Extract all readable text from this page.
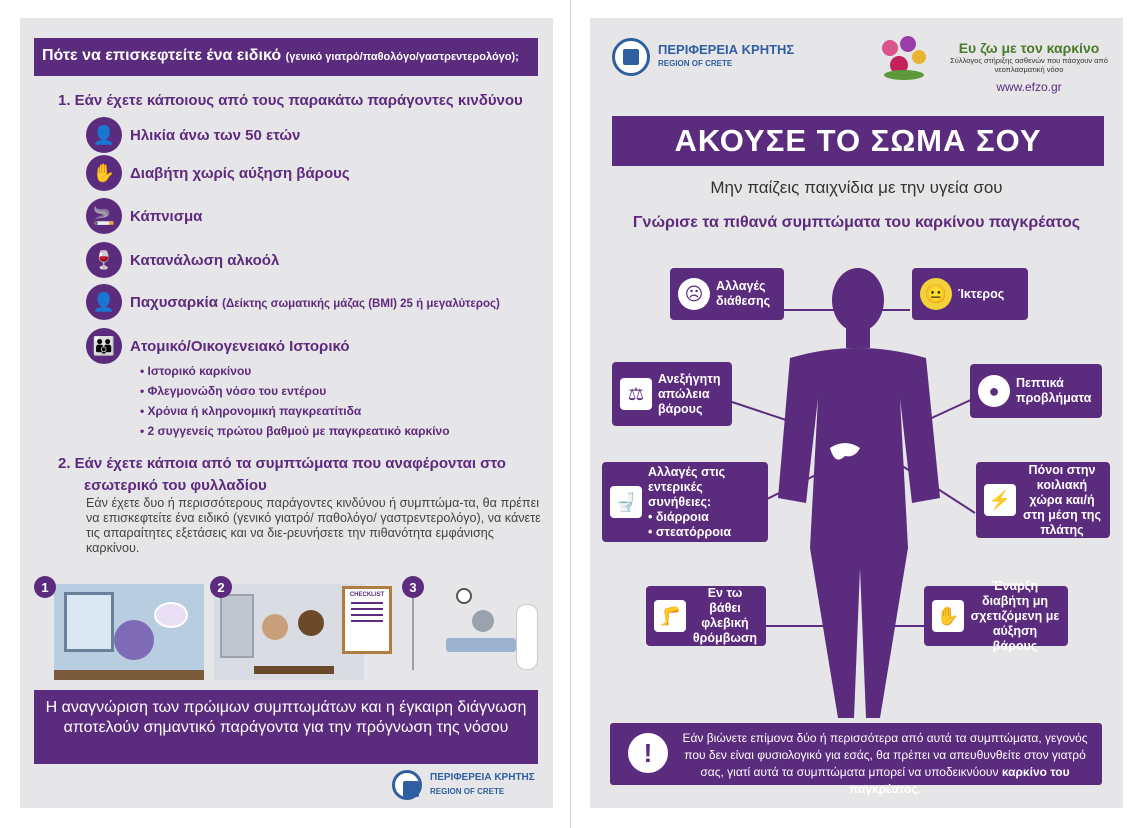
Πότε να επισκεφτείτε ένα ειδικό (γενικό γιατρό/παθολόγο/γαστρεντερολόγο);
1. Εάν έχετε κάποιους από τους παρακάτω παράγοντες κινδύνου
👤 Ηλικία άνω των 50 ετών
✋ Διαβήτη χωρίς αύξηση βάρους
🚬 Κάπνισμα
🍷 Κατανάλωση αλκοόλ
👤 Παχυσαρκία (Δείκτης σωματικής μάζας (BMI) 25 ή μεγαλύτερος)
👪 Ατομικό/Οικογενειακό Ιστορικό
• Ιστορικό καρκίνου
• Φλεγμονώδη νόσο του εντέρου
• Χρόνια ή κληρονομική παγκρεατίτιδα
• 2 συγγενείς πρώτου βαθμού με παγκρεατικό καρκίνο
2. Εάν έχετε κάποια από τα συμπτώματα που αναφέρονται στο
εσωτερικό του φυλλαδίου
Εάν έχετε δυο ή περισσότερους παράγοντες κινδύνου ή συμπτώμα-τα, θα πρέπει να επισκεφτείτε ένα ειδικό (γενικό γιατρό/ παθολόγο/ γαστρεντερολόγο), να κάνετε τις απαραίτητες εξετάσεις και να διε-ρευνήσετε την πιθανότητα εμφάνισης καρκίνου.
CHECKLIST
1	2	3
Η αναγνώριση των πρώιμων συμπτωμάτων και η έγκαιρη διάγνωση αποτελούν σημαντικό παράγοντα για την πρόγνωση της νόσου
ΠΕΡΙΦΕΡΕΙΑ ΚΡΗΤΗΣ
REGION OF CRETE
ΠΕΡΙΦΕΡΕΙΑ ΚΡΗΤΗΣ
REGION OF CRETE
Ευ ζω με τον καρκίνο
Σύλλογος στήριξης ασθενών που πάσχουν από νεοπλασματική νόσο
www.efzo.gr
ΑΚΟΥΣΕ ΤΟ ΣΩΜΑ ΣΟΥ
Μην παίζεις παιχνίδια με την υγεία σου
Γνώρισε τα πιθανά συμπτώματα του καρκίνου παγκρέατος
☹	Αλλαγές διάθεσης	😐 Ίκτερος
⚖
Ανεξήγητη απώλεια βάρους
●	Πεπτικά προβλήματα
🚽
Αλλαγές στις εντερικές συνήθειες:
• διάρροια
• στεατόρροια
⚡
Πόνοι στην κοιλιακή χώρα και/ή στη μέση της πλάτης
🦵
Εν τω βάθει φλεβική θρόμβωση
✋
Έναρξη διαβήτη μη σχετιζόμενη με αύξηση βάρους
Εάν βιώνετε επίμονα δύο ή περισσότερα από αυτά τα συμπτώματα, γεγονός που δεν είναι φυσιολογικό για εσάς, θα πρέπει να απευθυνθείτε στον γιατρό σας, γιατί αυτά τα συμπτώματα μπορεί να υποδεικνύουν καρκίνο του παγκρέατος.
!
